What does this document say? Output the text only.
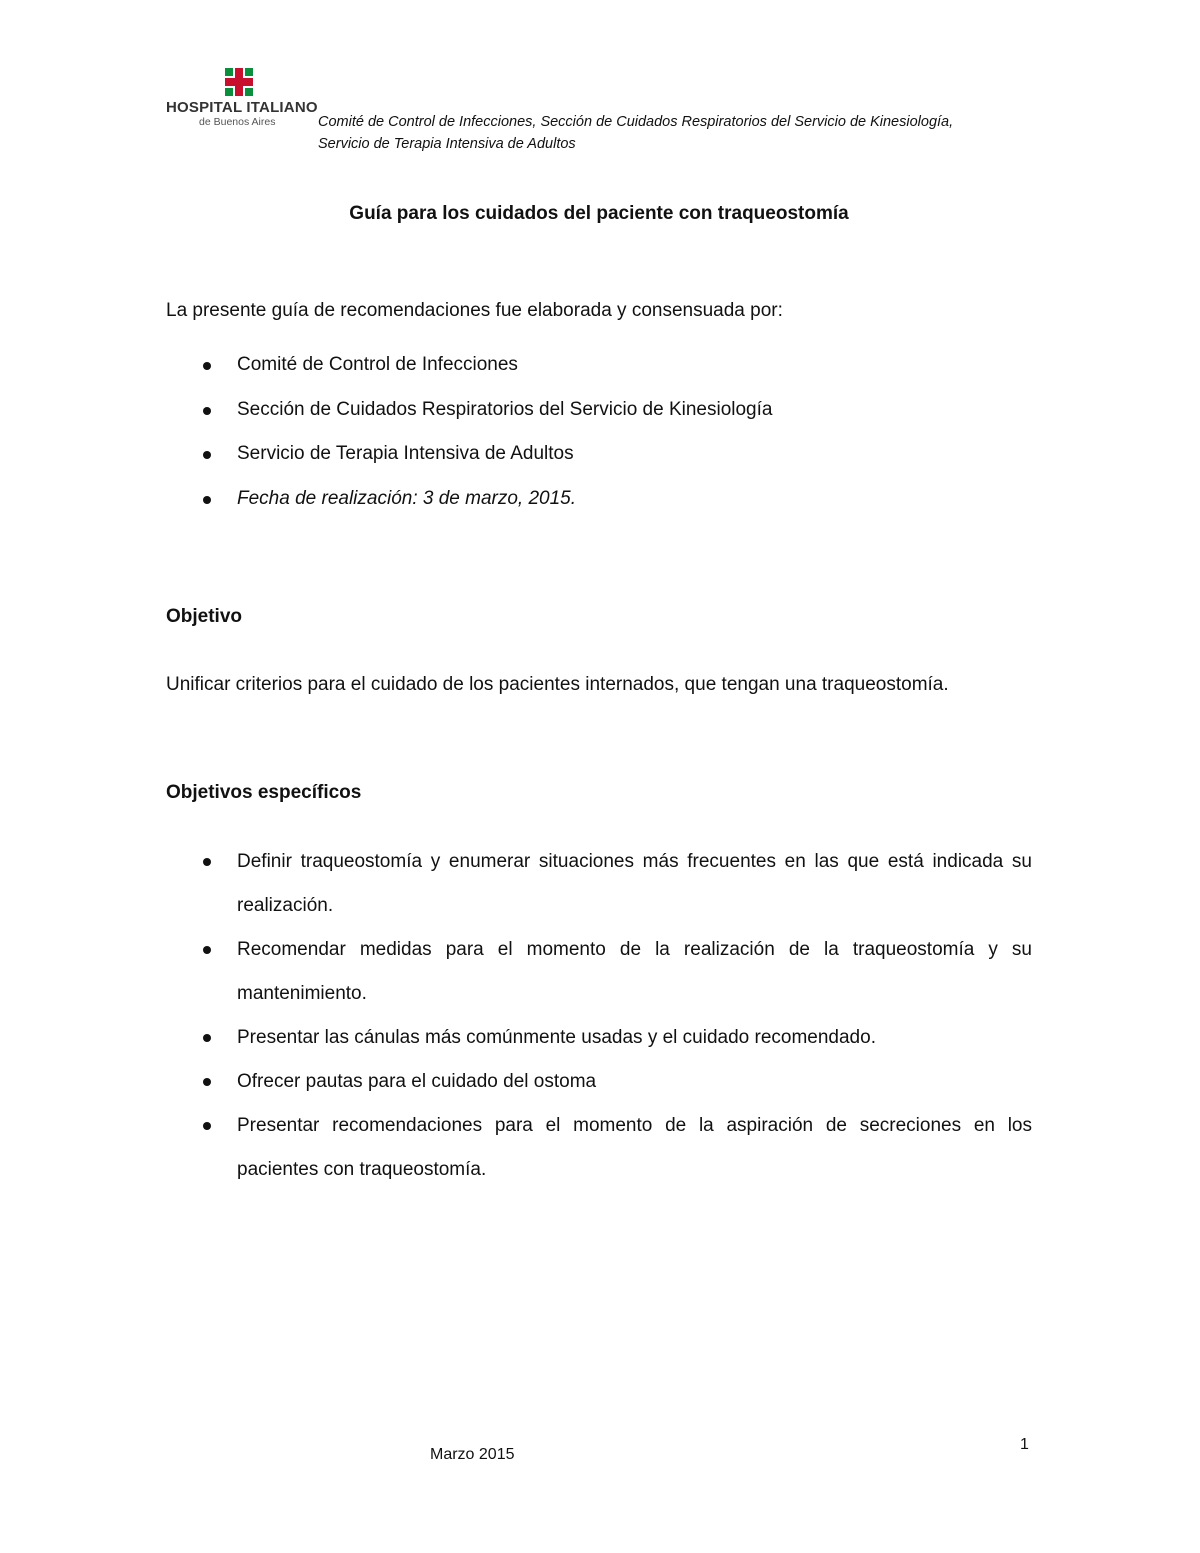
HOSPITAL ITALIANO
de Buenos Aires	Comité de Control de Infecciones, Sección de Cuidados Respiratorios del Servicio de Kinesiología,
Servicio de Terapia Intensiva de Adultos
Guía para los cuidados del paciente con traqueostomía
La presente guía de recomendaciones fue elaborada y consensuada por:
Comité de Control de Infecciones
Sección de Cuidados Respiratorios del Servicio de Kinesiología
Servicio de Terapia Intensiva de Adultos
Fecha de realización: 3 de marzo, 2015.
Objetivo
Unificar criterios para el cuidado de los pacientes internados, que tengan una traqueostomía.
Objetivos específicos
Definir traqueostomía y enumerar situaciones más frecuentes en las que está indicada su realización.
Recomendar medidas para el momento de la realización de la traqueostomía y su mantenimiento.
Presentar las cánulas más comúnmente usadas y el cuidado recomendado.
Ofrecer pautas para el cuidado del ostoma
Presentar recomendaciones para el momento de la aspiración de secreciones en los pacientes con traqueostomía.
Marzo 2015
1
